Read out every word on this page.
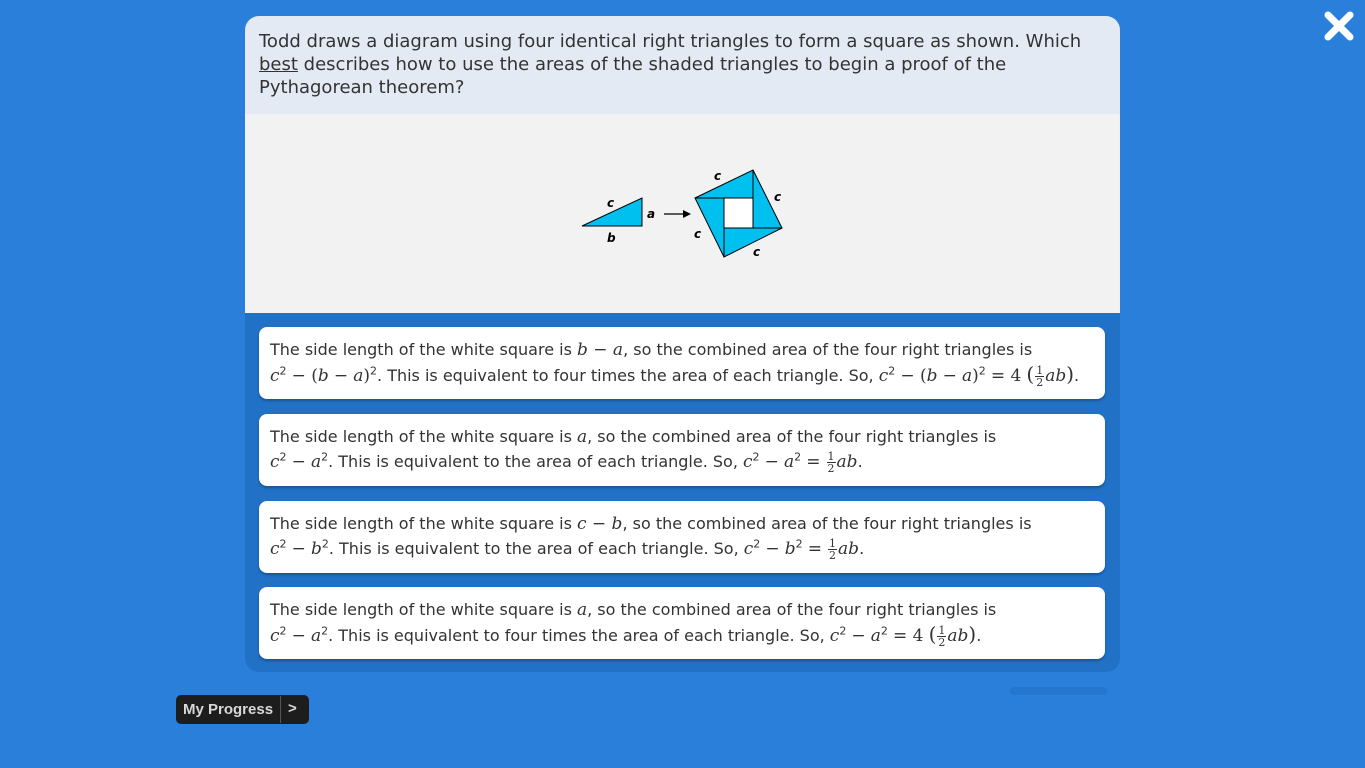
Todd draws a diagram using four identical right triangles to form a square as shown. Which best describes how to use the areas of the shaded triangles to begin a proof of the Pythagorean theorem?

c
a
b
c
c
c
c
The side length of the white square is b − a, so the combined area of the four right triangles is
$c^2 - (b - a)^2$. This is equivalent to four times the area of each triangle. So, $c^2 - (b - a)^2 = 4$ ( $\frac{1}{2} ab$).
The side length of the white square is a, so the combined area of the four right triangles is
$c^2 - a^2$. This is equivalent to the area of each triangle. So, $c^2 - a^2 = \frac{1}{2}$ ab.
The side length of the white square is c − b, so the combined area of the four right triangles is
$c^2 - b^2$. This is equivalent to the area of each triangle. So, $c^2 - b^2 = \frac{1}{2}$ ab.
The side length of the white square is a, so the combined area of the four right triangles is
$c^2 - a^2$. This is equivalent to four times the area of each triangle. So, $c^2 - a^2 = 4$ ( $\frac{1}{2} ab$).
My Progress >
